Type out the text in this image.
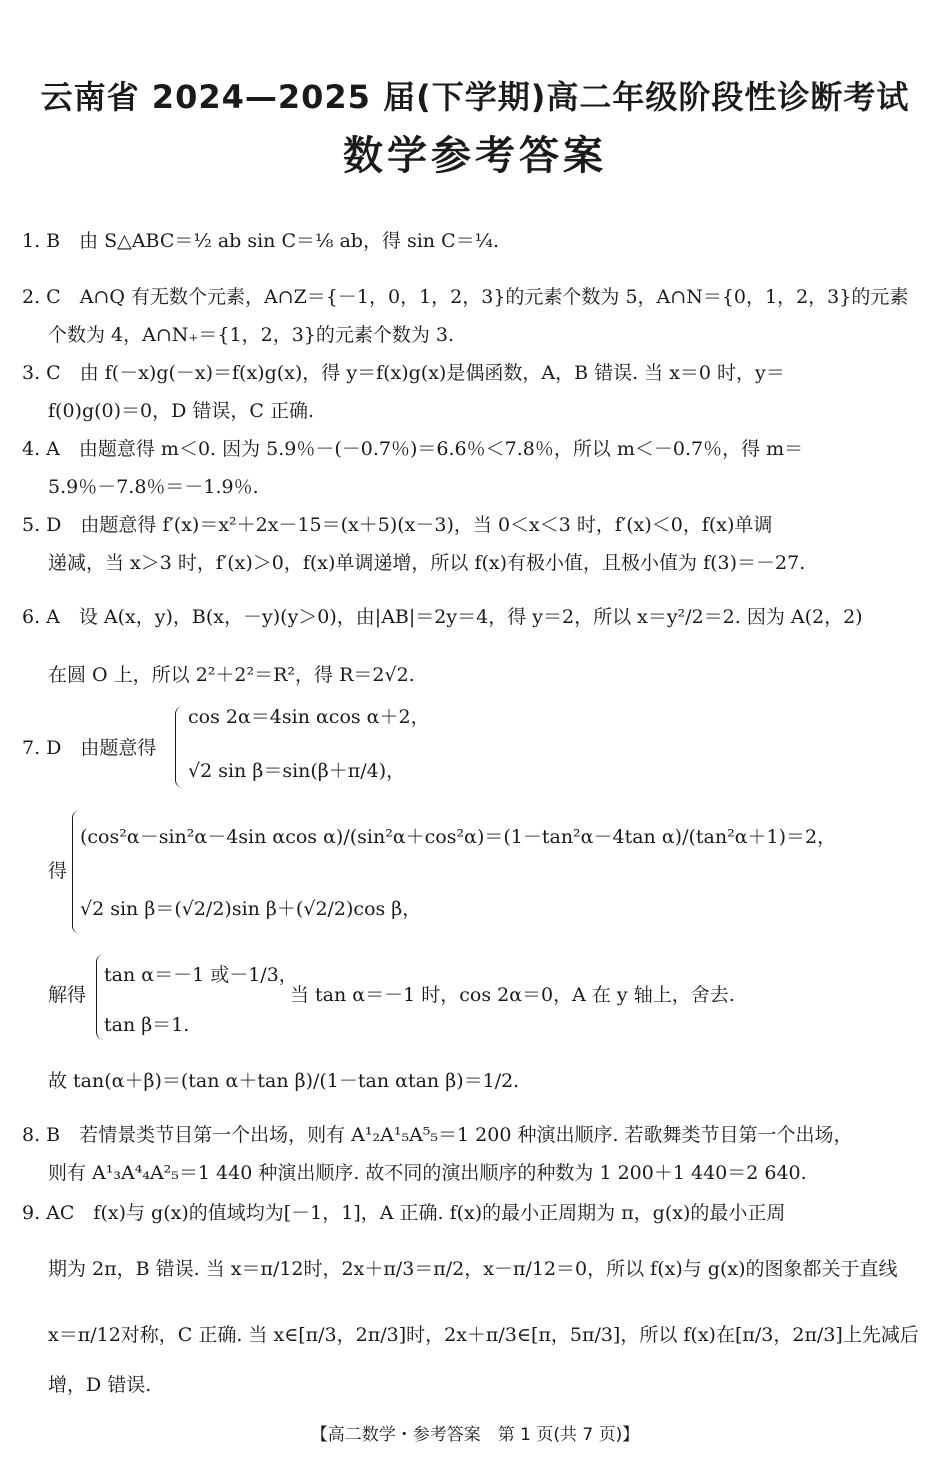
云南省 2024—2025 届(下学期)高二年级阶段性诊断考试
数学参考答案
1. B　由 S△ABC＝½ ab sin C＝⅛ ab，得 sin C＝¼.
2. C　A∩Q 有无数个元素，A∩Z＝{－1，0，1，2，3}的元素个数为 5，A∩N＝{0，1，2，3}的元素
个数为 4，A∩N₊＝{1，2，3}的元素个数为 3.
3. C　由 f(－x)g(－x)＝f(x)g(x)，得 y＝f(x)g(x)是偶函数，A，B 错误. 当 x＝0 时，y＝
f(0)g(0)＝0，D 错误，C 正确.
4. A　由题意得 m＜0. 因为 5.9％－(－0.7％)＝6.6％＜7.8％，所以 m＜－0.7％，得 m＝
5.9％－7.8％＝－1.9％.
5. D　由题意得 f′(x)＝x²＋2x－15＝(x＋5)(x－3)，当 0＜x＜3 时，f′(x)＜0，f(x)单调
递减，当 x＞3 时，f′(x)＞0，f(x)单调递增，所以 f(x)有极小值，且极小值为 f(3)＝－27.
6. A　设 A(x，y)，B(x，－y)(y＞0)，由|AB|＝2y＝4，得 y＝2，所以 x＝y²/2＝2. 因为 A(2，2)
在圆 O 上，所以 2²＋2²＝R²，得 R＝2√2.
7. D　由题意得
cos 2α＝4sin αcos α＋2，
√2 sin β＝sin(β＋π/4)，
得
(cos²α－sin²α－4sin αcos α)/(sin²α＋cos²α)＝(1－tan²α－4tan α)/(tan²α＋1)＝2，
√2 sin β＝(√2/2)sin β＋(√2/2)cos β，
解得
tan α＝－1 或－1/3，
tan β＝1.
当 tan α＝－1 时，cos 2α＝0，A 在 y 轴上，舍去.
故 tan(α＋β)＝(tan α＋tan β)/(1－tan αtan β)＝1/2.
8. B　若情景类节目第一个出场，则有 A¹₂A¹₅A⁵₅＝1 200 种演出顺序. 若歌舞类节目第一个出场，
则有 A¹₃A⁴₄A²₅＝1 440 种演出顺序. 故不同的演出顺序的种数为 1 200＋1 440＝2 640.
9. AC　f(x)与 g(x)的值域均为[－1，1]，A 正确. f(x)的最小正周期为 π，g(x)的最小正周
期为 2π，B 错误. 当 x＝π/12时，2x＋π/3＝π/2，x－π/12＝0，所以 f(x)与 g(x)的图象都关于直线
x＝π/12对称，C 正确. 当 x∈[π/3，2π/3]时，2x＋π/3∈[π，5π/3]，所以 f(x)在[π/3，2π/3]上先减后
增，D 错误.
【高二数学・参考答案　第 1 页(共 7 页)】
